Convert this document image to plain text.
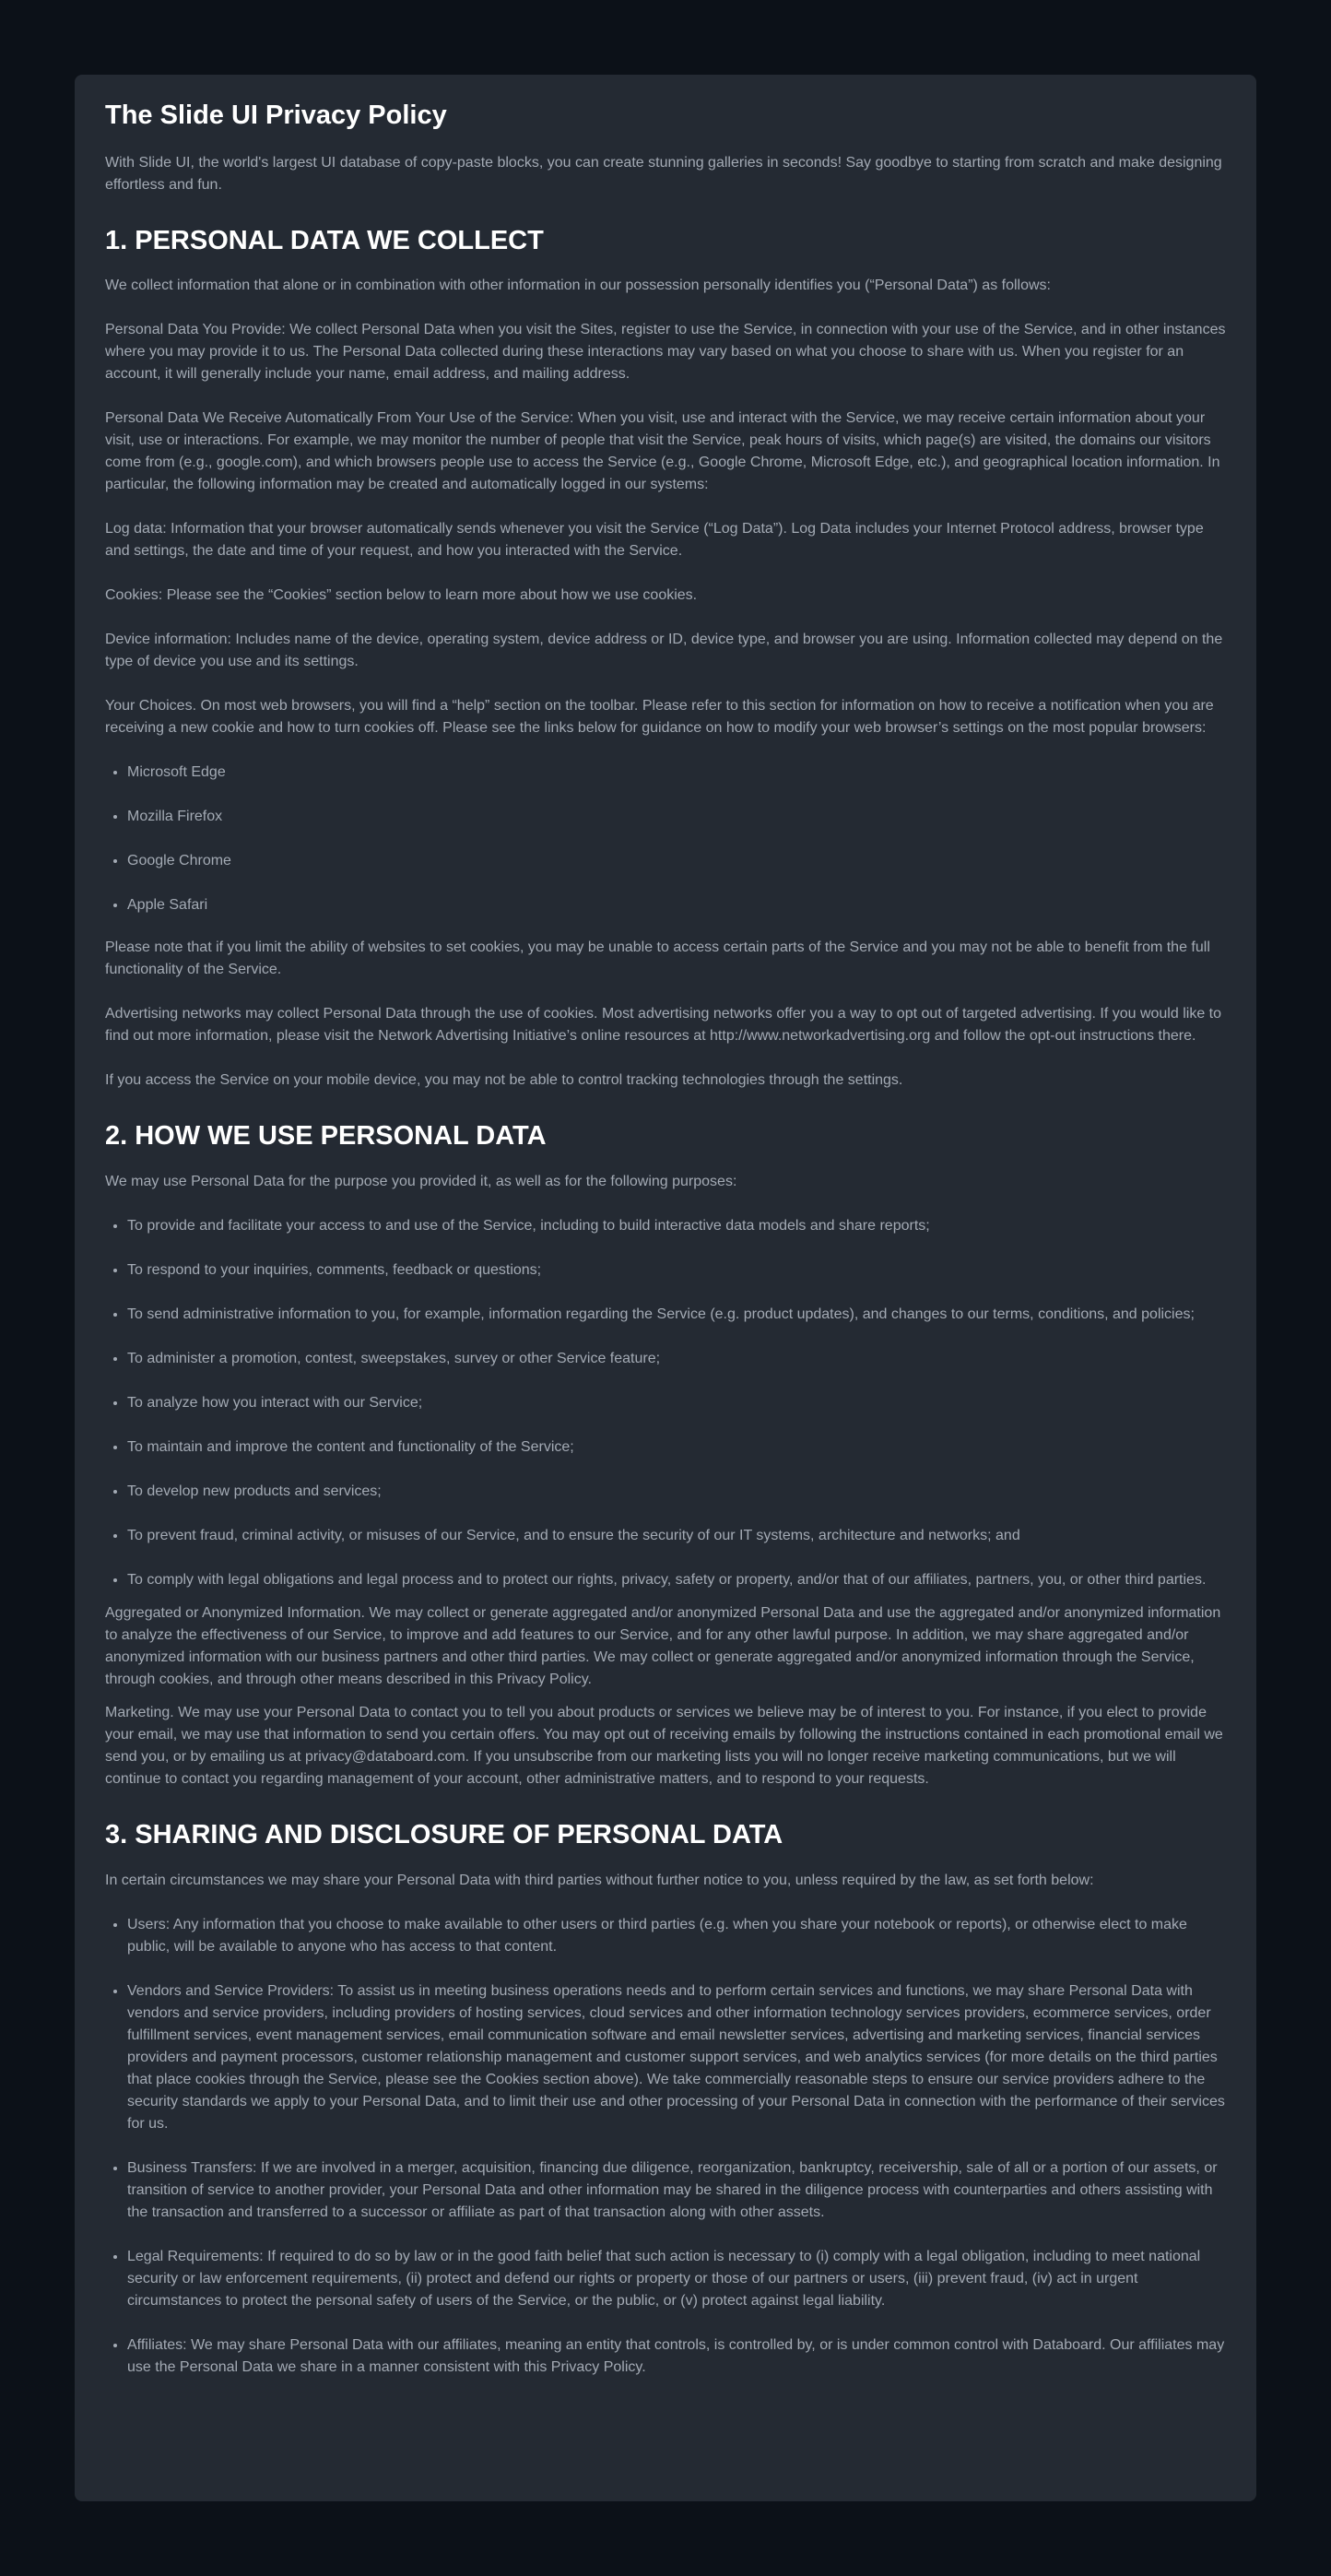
The Slide UI Privacy Policy

With Slide UI, the world's largest UI database of copy-paste blocks, you can create stunning galleries in seconds! Say goodbye to starting from scratch and make designing effortless and fun.

1. PERSONAL DATA WE COLLECT

We collect information that alone or in combination with other information in our possession personally identifies you (“Personal Data”) as follows:

Personal Data You Provide: We collect Personal Data when you visit the Sites, register to use the Service, in connection with your use of the Service, and in other instances where you may provide it to us. The Personal Data collected during these interactions may vary based on what you choose to share with us. When you register for an account, it will generally include your name, email address, and mailing address.

Personal Data We Receive Automatically From Your Use of the Service: When you visit, use and interact with the Service, we may receive certain information about your visit, use or interactions. For example, we may monitor the number of people that visit the Service, peak hours of visits, which page(s) are visited, the domains our visitors come from (e.g., google.com), and which browsers people use to access the Service (e.g., Google Chrome, Microsoft Edge, etc.), and geographical location information. In particular, the following information may be created and automatically logged in our systems:

Log data: Information that your browser automatically sends whenever you visit the Service (“Log Data”). Log Data includes your Internet Protocol address, browser type and settings, the date and time of your request, and how you interacted with the Service.

Cookies: Please see the “Cookies” section below to learn more about how we use cookies.

Device information: Includes name of the device, operating system, device address or ID, device type, and browser you are using. Information collected may depend on the type of device you use and its settings.

Your Choices. On most web browsers, you will find a “help” section on the toolbar. Please refer to this section for information on how to receive a notification when you are receiving a new cookie and how to turn cookies off. Please see the links below for guidance on how to modify your web browser’s settings on the most popular browsers:

• Microsoft Edge
• Mozilla Firefox
• Google Chrome
• Apple Safari

Please note that if you limit the ability of websites to set cookies, you may be unable to access certain parts of the Service and you may not be able to benefit from the full functionality of the Service.

Advertising networks may collect Personal Data through the use of cookies. Most advertising networks offer you a way to opt out of targeted advertising. If you would like to find out more information, please visit the Network Advertising Initiative’s online resources at http://www.networkadvertising.org and follow the opt-out instructions there.

If you access the Service on your mobile device, you may not be able to control tracking technologies through the settings.

2. HOW WE USE PERSONAL DATA

We may use Personal Data for the purpose you provided it, as well as for the following purposes:

• To provide and facilitate your access to and use of the Service, including to build interactive data models and share reports;
• To respond to your inquiries, comments, feedback or questions;
• To send administrative information to you, for example, information regarding the Service (e.g. product updates), and changes to our terms, conditions, and policies;
• To administer a promotion, contest, sweepstakes, survey or other Service feature;
• To analyze how you interact with our Service;
• To maintain and improve the content and functionality of the Service;
• To develop new products and services;
• To prevent fraud, criminal activity, or misuses of our Service, and to ensure the security of our IT systems, architecture and networks; and
• To comply with legal obligations and legal process and to protect our rights, privacy, safety or property, and/or that of our affiliates, partners, you, or other third parties.

Aggregated or Anonymized Information. We may collect or generate aggregated and/or anonymized Personal Data and use the aggregated and/or anonymized information to analyze the effectiveness of our Service, to improve and add features to our Service, and for any other lawful purpose. In addition, we may share aggregated and/or anonymized information with our business partners and other third parties. We may collect or generate aggregated and/or anonymized information through the Service, through cookies, and through other means described in this Privacy Policy.

Marketing. We may use your Personal Data to contact you to tell you about products or services we believe may be of interest to you. For instance, if you elect to provide your email, we may use that information to send you certain offers. You may opt out of receiving emails by following the instructions contained in each promotional email we send you, or by emailing us at privacy@databoard.com. If you unsubscribe from our marketing lists you will no longer receive marketing communications, but we will continue to contact you regarding management of your account, other administrative matters, and to respond to your requests.

3. SHARING AND DISCLOSURE OF PERSONAL DATA

In certain circumstances we may share your Personal Data with third parties without further notice to you, unless required by the law, as set forth below:

• Users: Any information that you choose to make available to other users or third parties (e.g. when you share your notebook or reports), or otherwise elect to make public, will be available to anyone who has access to that content.
• Vendors and Service Providers: To assist us in meeting business operations needs and to perform certain services and functions, we may share Personal Data with vendors and service providers, including providers of hosting services, cloud services and other information technology services providers, ecommerce services, order fulfillment services, event management services, email communication software and email newsletter services, advertising and marketing services, financial services providers and payment processors, customer relationship management and customer support services, and web analytics services (for more details on the third parties that place cookies through the Service, please see the Cookies section above). We take commercially reasonable steps to ensure our service providers adhere to the security standards we apply to your Personal Data, and to limit their use and other processing of your Personal Data in connection with the performance of their services for us.
• Business Transfers: If we are involved in a merger, acquisition, financing due diligence, reorganization, bankruptcy, receivership, sale of all or a portion of our assets, or transition of service to another provider, your Personal Data and other information may be shared in the diligence process with counterparties and others assisting with the transaction and transferred to a successor or affiliate as part of that transaction along with other assets.
• Legal Requirements: If required to do so by law or in the good faith belief that such action is necessary to (i) comply with a legal obligation, including to meet national security or law enforcement requirements, (ii) protect and defend our rights or property or those of our partners or users, (iii) prevent fraud, (iv) act in urgent circumstances to protect the personal safety of users of the Service, or the public, or (v) protect against legal liability.
• Affiliates: We may share Personal Data with our affiliates, meaning an entity that controls, is controlled by, or is under common control with Databoard. Our affiliates may use the Personal Data we share in a manner consistent with this Privacy Policy.
